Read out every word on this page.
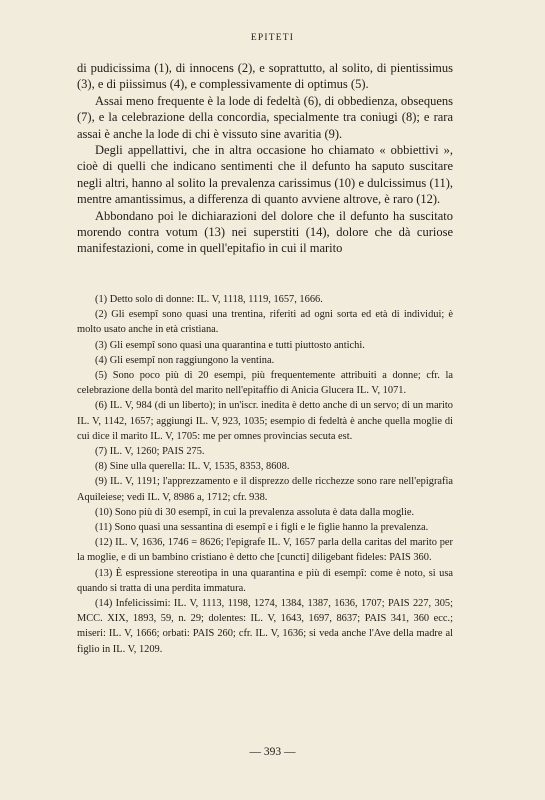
EPITETI

di pudicissima (1), di innocens (2), e soprattutto, al solito, di pientissimus (3), e di piissimus (4), e complessivamente di optimus (5).

Assai meno frequente è la lode di fedeltà (6), di obbedienza, obsequens (7), e la celebrazione della concordia, specialmente tra coniugi (8); e rara assai è anche la lode di chi è vissuto sine avaritia (9).

Degli appellattivi, che in altra occasione ho chiamato « obbiettivi », cioè di quelli che indicano sentimenti che il defunto ha saputo suscitare negli altri, hanno al solito la prevalenza carissimus (10) e dulcissimus (11), mentre amantissimus, a differenza di quanto avviene altrove, è raro (12).

Abbondano poi le dichiarazioni del dolore che il defunto ha suscitato morendo contra votum (13) nei superstiti (14), dolore che dà curiose manifestazioni, come in quell'epitafio in cui il marito

(1) Detto solo di donne: IL. V, 1118, 1119, 1657, 1666.

(2) Gli esempî sono quasi una trentina, riferiti ad ogni sorta ed età di individui; è molto usato anche in età cristiana.

(3) Gli esempî sono quasi una quarantina e tutti piuttosto antichi.

(4) Gli esempî non raggiungono la ventina.

(5) Sono poco più di 20 esempi, più frequentemente attribuiti a donne; cfr. la celebrazione della bontà del marito nell'epitaffio di Anicia Glucera IL. V, 1071.

(6) IL. V, 984 (di un liberto); in un'iscr. inedita è detto anche di un servo; di un marito IL. V, 1142, 1657; aggiungi IL. V, 923, 1035; esempio di fedeltà è anche quella moglie di cui dice il marito IL. V, 1705: me per omnes provincias secuta est.

(7) IL. V, 1260; PAIS 275.

(8) Sine ulla querella: IL. V, 1535, 8353, 8608.

(9) IL. V, 1191; l'apprezzamento e il disprezzo delle ricchezze sono rare nell'epigrafia Aquileiese; vedi IL. V, 8986 a, 1712; cfr. 938.

(10) Sono più di 30 esempî, in cui la prevalenza assoluta è data dalla moglie.

(11) Sono quasi una sessantina di esempî e i figli e le figlie hanno la prevalenza.

(12) IL. V, 1636, 1746 = 8626; l'epigrafe IL. V, 1657 parla della caritas del marito per la moglie, e di un bambino cristiano è detto che [cuncti] diligebant fideles: PAIS 360.

(13) È espressione stereotipa in una quarantina e più di esempî: come è noto, si usa quando si tratta di una perdita immatura.

(14) Infelicissimi: IL. V, 1113, 1198, 1274, 1384, 1387, 1636, 1707; PAIS 227, 305; MCC. XIX, 1893, 59, n. 29; dolentes: IL. V, 1643, 1697, 8637; PAIS 341, 360 ecc.; miseri: IL. V, 1666; orbati: PAIS 260; cfr. IL. V, 1636; si veda anche l'Ave della madre al figlio in IL. V, 1209.

— 393 —
